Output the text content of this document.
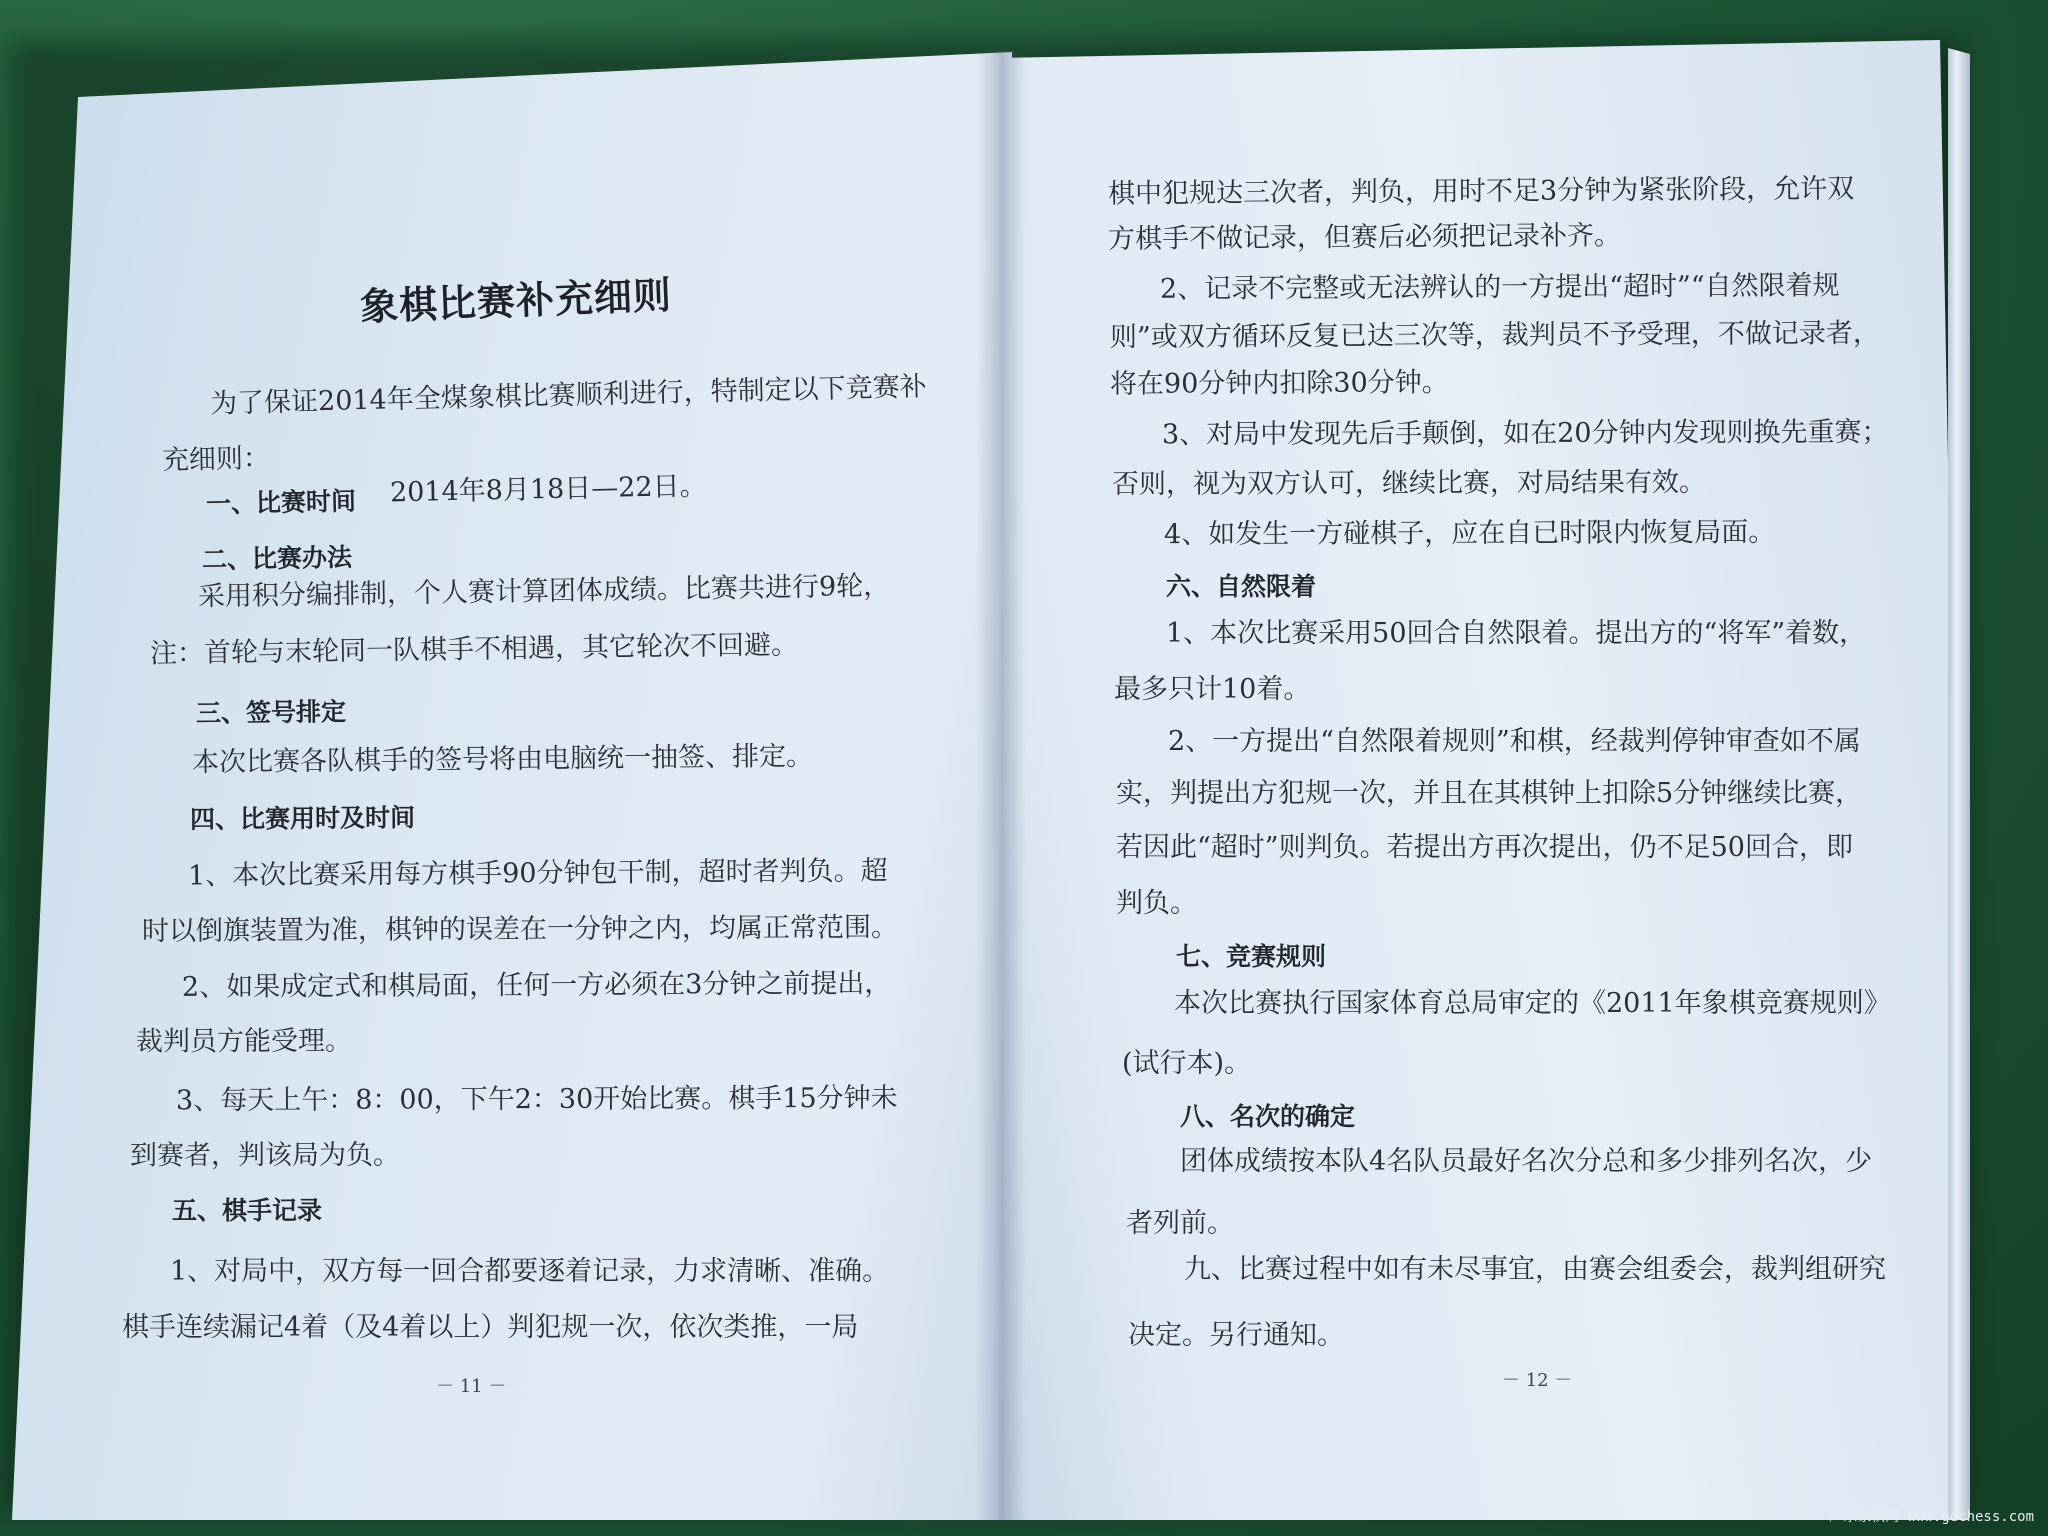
象棋比赛补充细则
为了保证2014年全煤象棋比赛顺利进行，特制定以下竞赛补
充细则：
一、比赛时间 2014年8月18日—22日。
二、比赛办法
采用积分编排制，个人赛计算团体成绩。比赛共进行9轮，
注：首轮与末轮同一队棋手不相遇，其它轮次不回避。
三、签号排定
本次比赛各队棋手的签号将由电脑统一抽签、排定。
四、比赛用时及时间
1、本次比赛采用每方棋手90分钟包干制，超时者判负。超
时以倒旗装置为准，棋钟的误差在一分钟之内，均属正常范围。
2、如果成定式和棋局面，任何一方必须在3分钟之前提出，
裁判员方能受理。
3、每天上午：8：00，下午2：30开始比赛。棋手15分钟未
到赛者，判该局为负。
五、棋手记录
1、对局中，双方每一回合都要逐着记录，力求清晰、准确。
棋手连续漏记4着（及4着以上）判犯规一次，依次类推，一局
－ 11 －
棋中犯规达三次者，判负，用时不足3分钟为紧张阶段，允许双
方棋手不做记录，但赛后必须把记录补齐。
2、记录不完整或无法辨认的一方提出“超时”“自然限着规
则”或双方循环反复已达三次等，裁判员不予受理，不做记录者，
将在90分钟内扣除30分钟。
3、对局中发现先后手颠倒，如在20分钟内发现则换先重赛；
否则，视为双方认可，继续比赛，对局结果有效。
4、如发生一方碰棋子，应在自已时限内恢复局面。
六、自然限着
1、本次比赛采用50回合自然限着。提出方的“将军”着数，
最多只计10着。
2、一方提出“自然限着规则”和棋，经裁判停钟审查如不属
实，判提出方犯规一次，并且在其棋钟上扣除5分钟继续比赛，
若因此“超时”则判负。若提出方再次提出，仍不足50回合，即
判负。
七、竞赛规则
本次比赛执行国家体育总局审定的《2011年象棋竞赛规则》
(试行本)。
八、名次的确定
团体成绩按本队4名队员最好名次分总和多少排列名次，少
者列前。
九、比赛过程中如有未尽事宜，由赛会组委会，裁判组研究
决定。另行通知。
－ 12 －
广东象棋网 www.gdchess.com
